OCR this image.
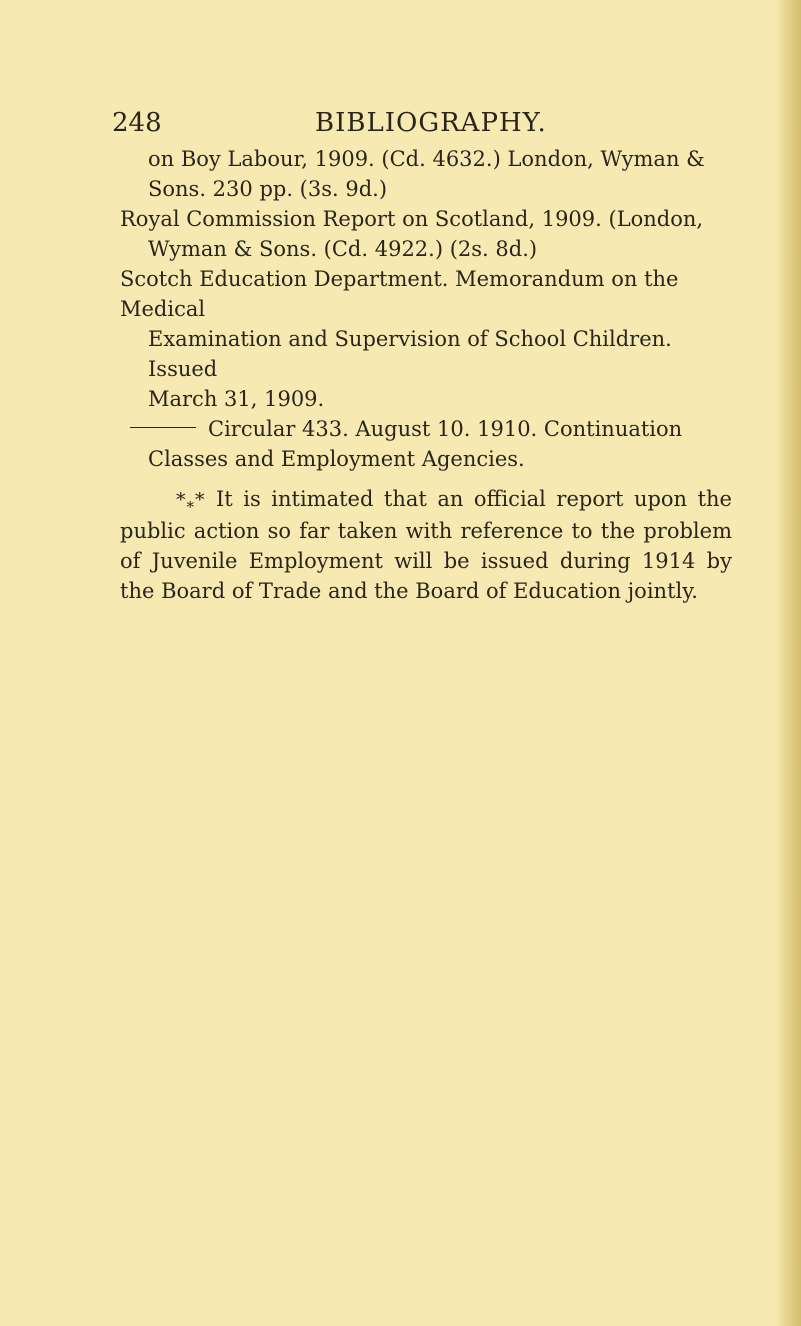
248	BIBLIOGRAPHY.

on Boy Labour, 1909. (Cd. 4632.) London, Wyman &

Sons. 230 pp. (3s. 9d.)

Royal Commission Report on Scotland, 1909. (London,

Wyman & Sons. (Cd. 4922.) (2s. 8d.)

Scotch Education Department. Memorandum on the Medical

Examination and Supervision of School Children. Issued

March 31, 1909.

Circular 433. August 10. 1910. Continuation

Classes and Employment Agencies.

$*_**$ It is intimated that an official report upon the public action so far taken with reference to the problem of Juvenile Employment will be issued during 1914 by the Board of Trade and the Board of Education jointly.
